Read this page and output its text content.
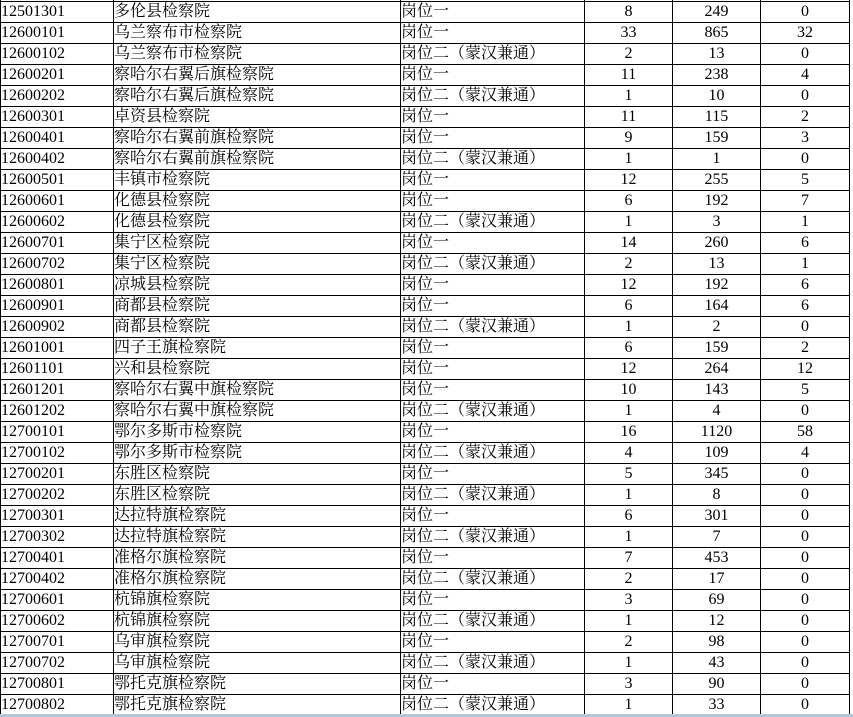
12501301	多伦县检察院	岗位一	8	249	0
12600101	乌兰察布市检察院	岗位一	33	865	32
12600102	乌兰察布市检察院	岗位二（蒙汉兼通）	2	13	0
12600201	察哈尔右翼后旗检察院	岗位一	11	238	4
12600202	察哈尔右翼后旗检察院	岗位二（蒙汉兼通）	1	10	0
12600301	卓资县检察院	岗位一	11	115	2
12600401	察哈尔右翼前旗检察院	岗位一	9	159	3
12600402	察哈尔右翼前旗检察院	岗位二（蒙汉兼通）	1	1	0
12600501	丰镇市检察院	岗位一	12	255	5
12600601	化德县检察院	岗位一	6	192	7
12600602	化德县检察院	岗位二（蒙汉兼通）	1	3	1
12600701	集宁区检察院	岗位一	14	260	6
12600702	集宁区检察院	岗位二（蒙汉兼通）	2	13	1
12600801	凉城县检察院	岗位一	12	192	6
12600901	商都县检察院	岗位一	6	164	6
12600902	商都县检察院	岗位二（蒙汉兼通）	1	2	0
12601001	四子王旗检察院	岗位一	6	159	2
12601101	兴和县检察院	岗位一	12	264	12
12601201	察哈尔右翼中旗检察院	岗位一	10	143	5
12601202	察哈尔右翼中旗检察院	岗位二（蒙汉兼通）	1	4	0
12700101	鄂尔多斯市检察院	岗位一	16	1120	58
12700102	鄂尔多斯市检察院	岗位二（蒙汉兼通）	4	109	4
12700201	东胜区检察院	岗位一	5	345	0
12700202	东胜区检察院	岗位二（蒙汉兼通）	1	8	0
12700301	达拉特旗检察院	岗位一	6	301	0
12700302	达拉特旗检察院	岗位二（蒙汉兼通）	1	7	0
12700401	准格尔旗检察院	岗位一	7	453	0
12700402	准格尔旗检察院	岗位二（蒙汉兼通）	2	17	0
12700601	杭锦旗检察院	岗位一	3	69	0
12700602	杭锦旗检察院	岗位二（蒙汉兼通）	1	12	0
12700701	乌审旗检察院	岗位一	2	98	0
12700702	乌审旗检察院	岗位二（蒙汉兼通）	1	43	0
12700801	鄂托克旗检察院	岗位一	3	90	0
12700802	鄂托克旗检察院	岗位二（蒙汉兼通）	1	33	0
